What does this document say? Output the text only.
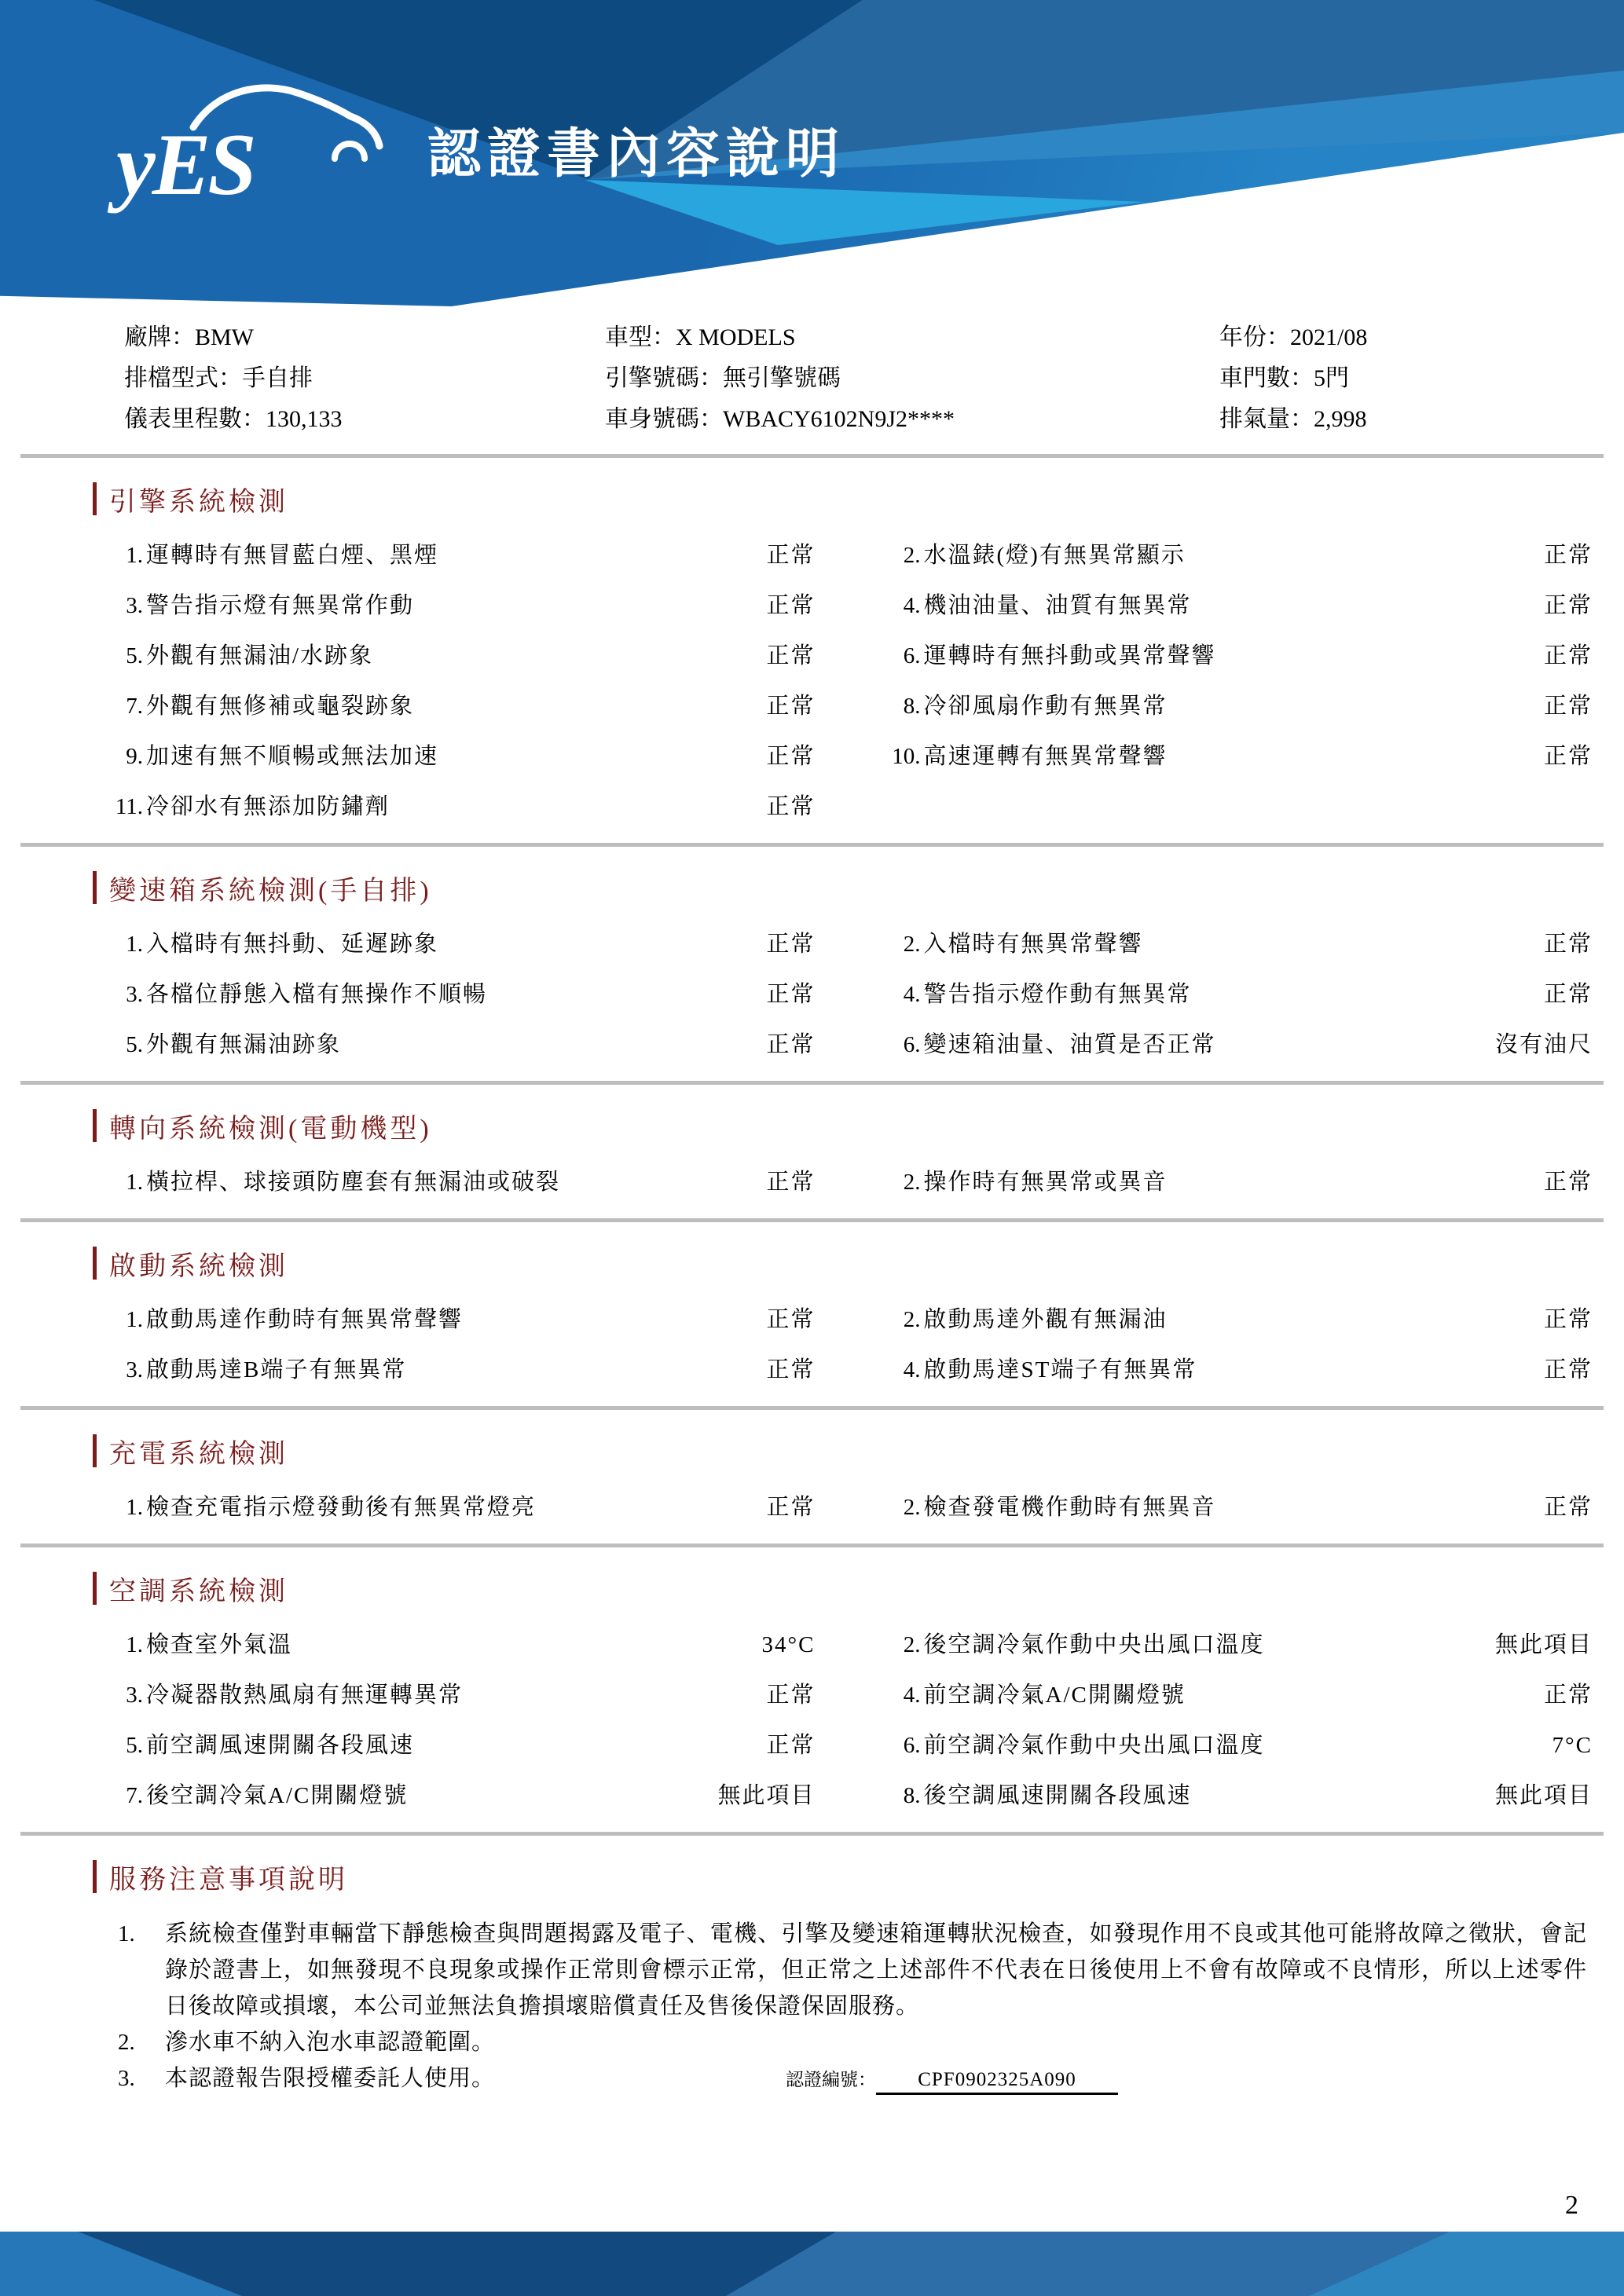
yES	認證書內容說明
廠牌：BMW
排檔型式：手自排
儀表里程數：130,133
車型：X MODELS
引擎號碼：無引擎號碼
車身號碼：WBACY6102N9J2****
年份：2021/08
車門數：5門
排氣量：2,998
引擎系統檢測
1. 運轉時有無冒藍白煙、黑煙	正常	2. 水溫錶(燈)有無異常顯示	正常
3. 警告指示燈有無異常作動	正常	4. 機油油量、油質有無異常	正常
5. 外觀有無漏油/水跡象	正常	6. 運轉時有無抖動或異常聲響	正常
7. 外觀有無修補或龜裂跡象	正常	8. 冷卻風扇作動有無異常	正常
9. 加速有無不順暢或無法加速	正常	10. 高速運轉有無異常聲響	正常
11. 冷卻水有無添加防鏽劑	正常
變速箱系統檢測(手自排)
1. 入檔時有無抖動、延遲跡象	正常	2. 入檔時有無異常聲響	正常
3. 各檔位靜態入檔有無操作不順暢	正常	4. 警告指示燈作動有無異常	正常
5. 外觀有無漏油跡象	正常	6. 變速箱油量、油質是否正常	沒有油尺
轉向系統檢測(電動機型)
1. 橫拉桿、球接頭防塵套有無漏油或破裂	正常	2. 操作時有無異常或異音	正常
啟動系統檢測
1. 啟動馬達作動時有無異常聲響	正常	2. 啟動馬達外觀有無漏油	正常
3. 啟動馬達B端子有無異常	正常	4. 啟動馬達ST端子有無異常	正常
充電系統檢測
1. 檢查充電指示燈發動後有無異常燈亮	正常	2. 檢查發電機作動時有無異音	正常
空調系統檢測
1. 檢查室外氣溫	34°C	2. 後空調冷氣作動中央出風口溫度	無此項目
3. 冷凝器散熱風扇有無運轉異常	正常	4. 前空調冷氣A/C開關燈號	正常
5. 前空調風速開關各段風速	正常	6. 前空調冷氣作動中央出風口溫度	7°C
7. 後空調冷氣A/C開關燈號	無此項目	8. 後空調風速開關各段風速	無此項目
服務注意事項說明
1.	系統檢查僅對車輛當下靜態檢查與問題揭露及電子、電機、引擎及變速箱運轉狀況檢查，如發現作用不良或其他可能將故障之徵狀，會記錄於證書上，如無發現不良現象或操作正常則會標示正常，但正常之上述部件不代表在日後使用上不會有故障或不良情形，所以上述零件日後故障或損壞，本公司並無法負擔損壞賠償責任及售後保證保固服務。
2.	滲水車不納入泡水車認證範圍。
3.	本認證報告限授權委託人使用。	認證編號： CPF0902325A090
2
